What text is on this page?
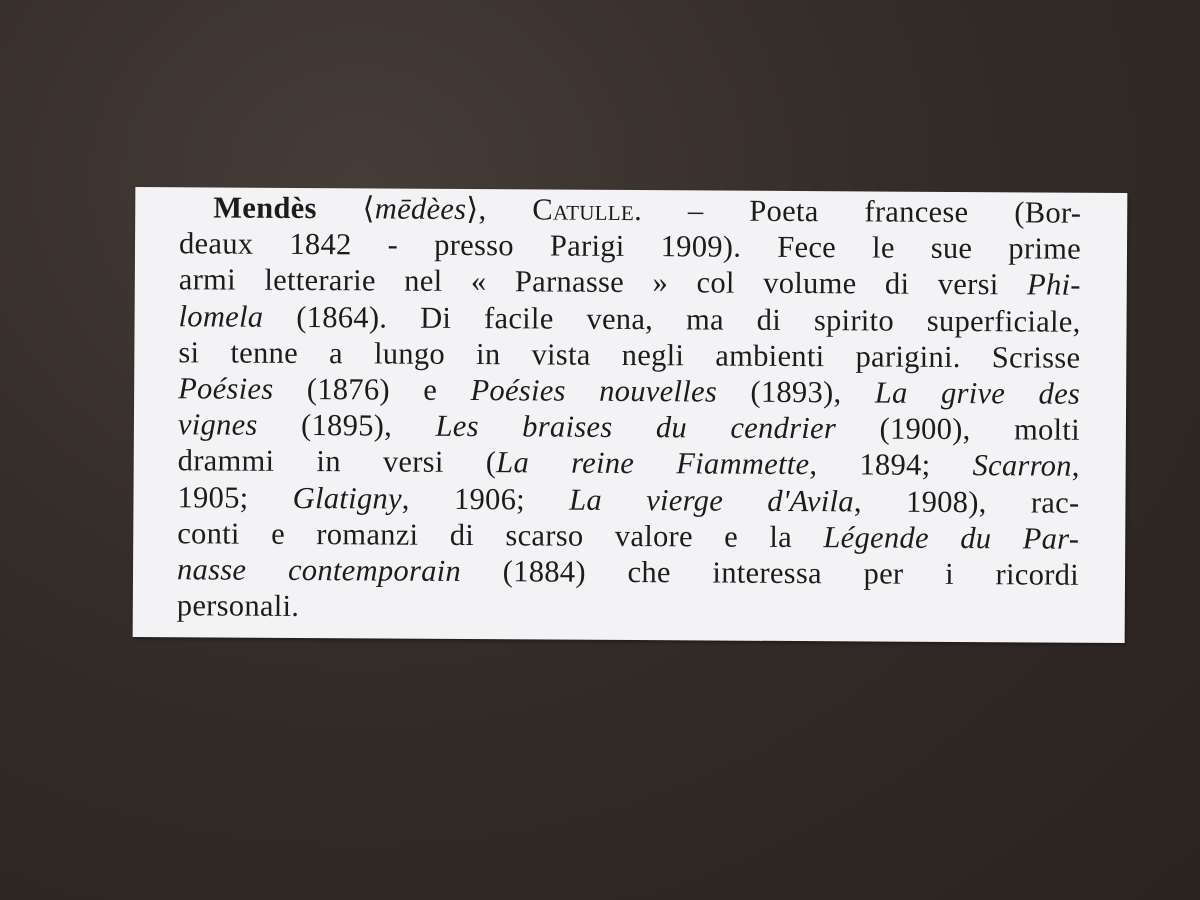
Mendès ⟨mēdèes⟩, Catulle. – Poeta francese (Bor-
deaux 1842 - presso Parigi 1909). Fece le sue prime
armi letterarie nel « Parnasse » col volume di versi Phi-
lomela (1864). Di facile vena, ma di spirito superficiale,
si tenne a lungo in vista negli ambienti parigini. Scrisse
Poésies (1876) e Poésies nouvelles (1893), La grive des
vignes (1895), Les braises du cendrier (1900), molti
drammi in versi (La reine Fiammette, 1894; Scarron,
1905; Glatigny, 1906; La vierge d'Avila, 1908), rac-
conti e romanzi di scarso valore e la Légende du Par-
nasse contemporain (1884) che interessa per i ricordi
personali.
